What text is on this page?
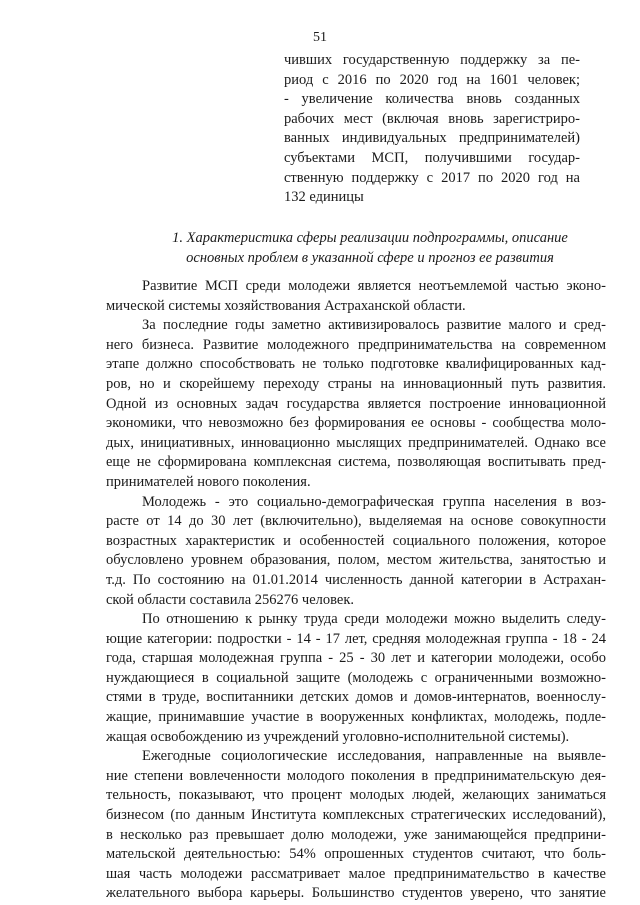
51
чивших государственную поддержку за пе-
риод с 2016 по 2020 год на 1601 человек;
- увеличение количества вновь созданных
рабочих мест (включая вновь зарегистриро-
ванных индивидуальных предпринимателей)
субъектами МСП, получившими государ-
ственную поддержку с 2017 по 2020 год на
132 единицы
1. Характеристика сферы реализации подпрограммы, описание
основных проблем в указанной сфере и прогноз ее развития
Развитие МСП среди молодежи является неотъемлемой частью эконо-
мической системы хозяйствования Астраханской области.
За последние годы заметно активизировалось развитие малого и сред-
него бизнеса. Развитие молодежного предпринимательства на современном
этапе должно способствовать не только подготовке квалифицированных кад-
ров, но и скорейшему переходу страны на инновационный путь развития.
Одной из основных задач государства является построение инновационной
экономики, что невозможно без формирования ее основы - сообщества моло-
дых, инициативных, инновационно мыслящих предпринимателей. Однако все
еще не сформирована комплексная система, позволяющая воспитывать пред-
принимателей нового поколения.
Молодежь - это социально-демографическая группа населения в воз-
расте от 14 до 30 лет (включительно), выделяемая на основе совокупности
возрастных характеристик и особенностей социального положения, которое
обусловлено уровнем образования, полом, местом жительства, занятостью и
т.д. По состоянию на 01.01.2014 численность данной категории в Астрахан-
ской области составила 256276 человек.
По отношению к рынку труда среди молодежи можно выделить следу-
ющие категории: подростки - 14 - 17 лет, средняя молодежная группа - 18 - 24
года, старшая молодежная группа - 25 - 30 лет и категории молодежи, особо
нуждающиеся в социальной защите (молодежь с ограниченными возможно-
стями в труде, воспитанники детских домов и домов-интернатов, военнослу-
жащие, принимавшие участие в вооруженных конфликтах, молодежь, подле-
жащая освобождению из учреждений уголовно-исполнительной системы).
Ежегодные социологические исследования, направленные на выявле-
ние степени вовлеченности молодого поколения в предпринимательскую дея-
тельность, показывают, что процент молодых людей, желающих заниматься
бизнесом (по данным Института комплексных стратегических исследований),
в несколько раз превышает долю молодежи, уже занимающейся предприни-
мательской деятельностью: 54% опрошенных студентов считают, что боль-
шая часть молодежи рассматривает малое предпринимательство в качестве
желательного выбора карьеры. Большинство студентов уверено, что занятие
